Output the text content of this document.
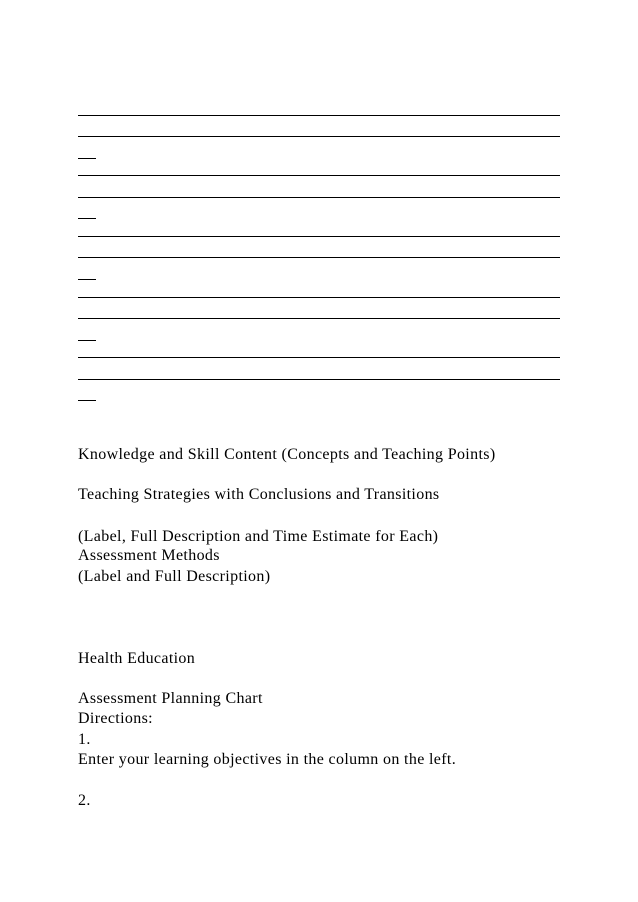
Knowledge and Skill Content (Concepts and Teaching Points)
Teaching Strategies with Conclusions and Transitions
(Label, Full Description and Time Estimate for Each)
Assessment Methods
(Label and Full Description)
Health Education
Assessment Planning Chart
Directions:
1.
Enter your learning objectives in the column on the left.
2.
